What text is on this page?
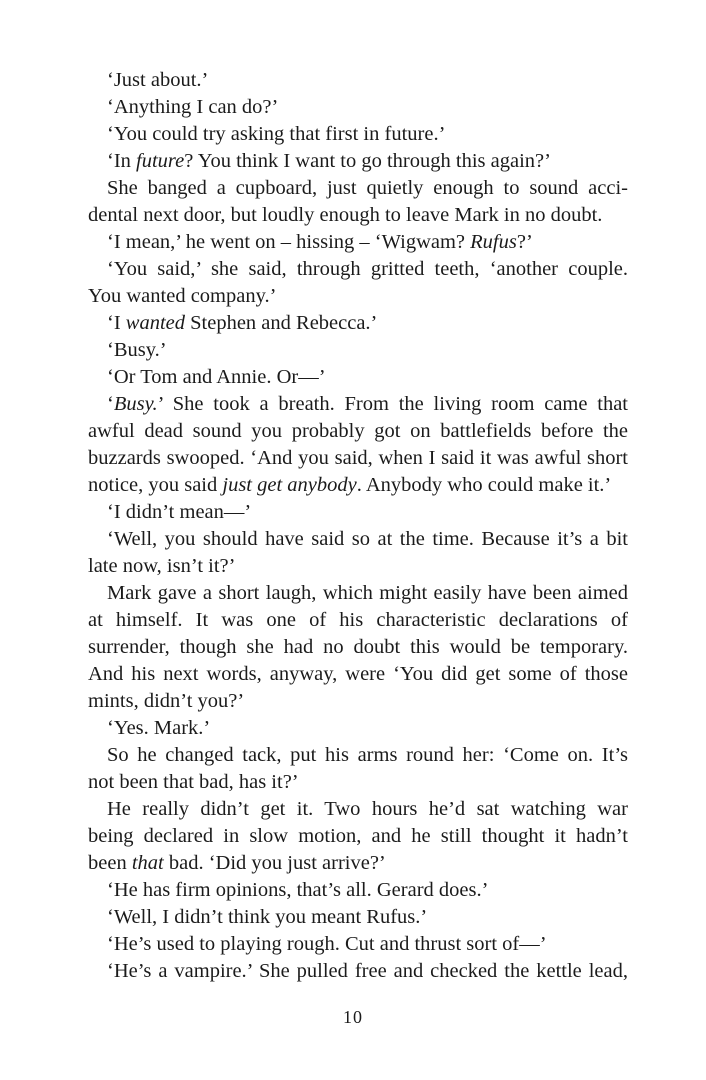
‘Just about.’
‘Anything I can do?’
‘You could try asking that first in future.’
‘In future? You think I want to go through this again?’
She banged a cupboard, just quietly enough to sound acci-
dental next door, but loudly enough to leave Mark in no doubt.
‘I mean,’ he went on – hissing – ‘Wigwam? Rufus?’
‘You said,’ she said, through gritted teeth, ‘another couple.
You wanted company.’
‘I wanted Stephen and Rebecca.’
‘Busy.’
‘Or Tom and Annie. Or—’
‘Busy.’ She took a breath. From the living room came that
awful dead sound you probably got on battlefields before the
buzzards swooped. ‘And you said, when I said it was awful short
notice, you said just get anybody. Anybody who could make it.’
‘I didn’t mean—’
‘Well, you should have said so at the time. Because it’s a bit
late now, isn’t it?’
Mark gave a short laugh, which might easily have been aimed
at himself. It was one of his characteristic declarations of
surrender, though she had no doubt this would be temporary.
And his next words, anyway, were ‘You did get some of those
mints, didn’t you?’
‘Yes. Mark.’
So he changed tack, put his arms round her: ‘Come on. It’s
not been that bad, has it?’
He really didn’t get it. Two hours he’d sat watching war
being declared in slow motion, and he still thought it hadn’t
been that bad. ‘Did you just arrive?’
‘He has firm opinions, that’s all. Gerard does.’
‘Well, I didn’t think you meant Rufus.’
‘He’s used to playing rough. Cut and thrust sort of—’
‘He’s a vampire.’ She pulled free and checked the kettle lead,
10
